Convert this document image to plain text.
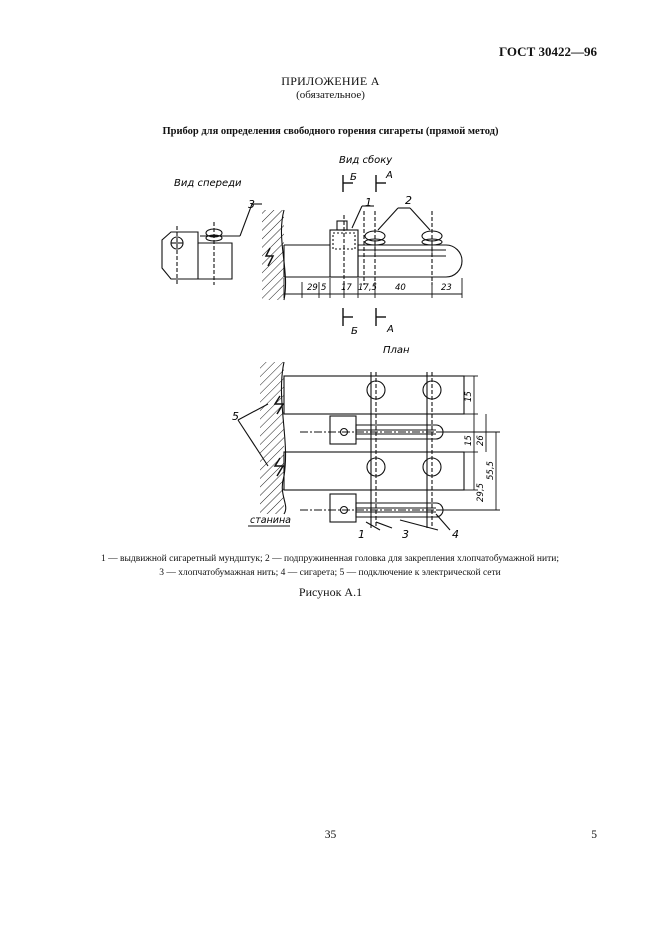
ГОСТ 30422—96
ПРИЛОЖЕНИЕ А
(обязательное)
Прибор для определения свободного горения сигареты (прямой метод)
Вид спереди
3
Вид сбоку
Б	А
1	2
29 5 17 17,5 40	23
Б	А
План
5
станина
1	3	4
15
15 26
55,5
29,5
1 — выдвижной сигаретный мундштук; 2 — подпружиненная головка для закрепления хлопчатобумажной нити;
3 — хлопчатобумажная нить; 4 — сигарета; 5 — подключение к электрической сети
Рисунок А.1
35	5
